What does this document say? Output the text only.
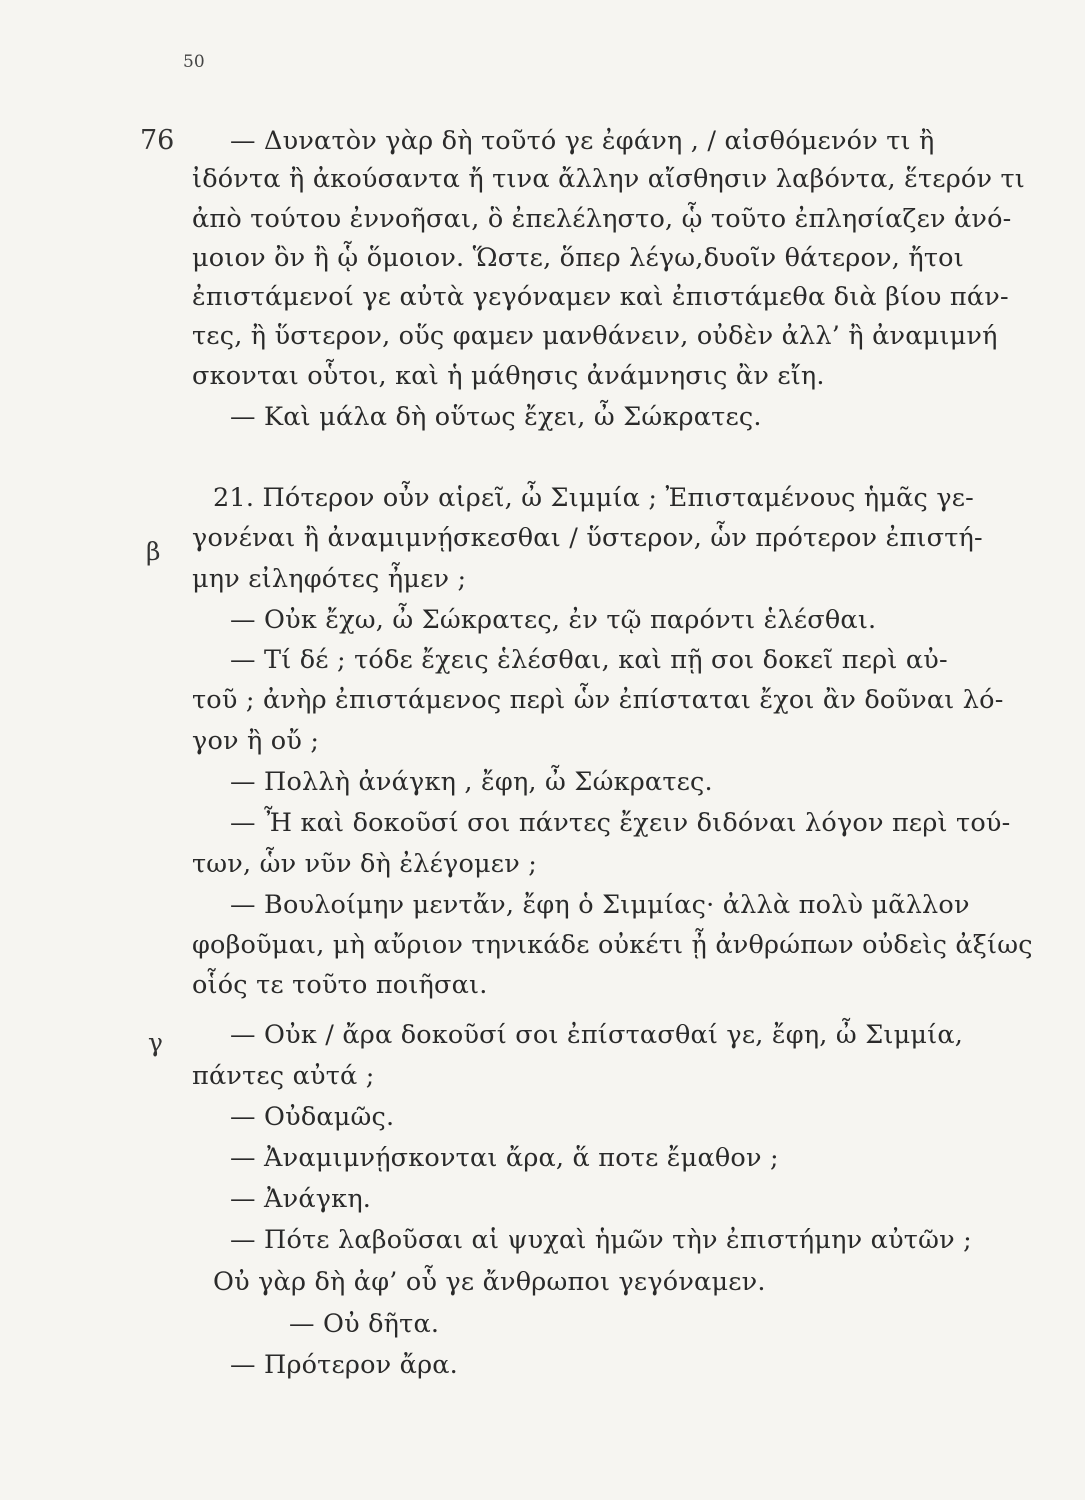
50
76
β
γ
— Δυνατὸν γὰρ δὴ τοῦτό γε ἐφάνη , / αἰσθόμενόν τι ἢ
ἰδόντα ἢ ἀκούσαντα ἤ τινα ἄλλην αἴσθησιν λαβόντα, ἕτερόν τι
ἀπὸ τούτου ἐννοῆσαι, ὃ ἐπελέληστο, ᾧ τοῦτο ἐπλησίαζεν ἀνό-
μοιον ὂν ἢ ᾧ ὅμοιον. Ὥστε, ὅπερ λέγω,δυοῖν θάτερον, ἤτοι
ἐπιστάμενοί γε αὐτὰ γεγόναμεν καὶ ἐπιστάμεθα διὰ βίου πάν-
τες, ἢ ὕστερον, οὕς φαμεν μανθάνειν, οὐδὲν ἀλλ’ ἢ ἀναμιμνή
σκονται οὗτοι, καὶ ἡ μάθησις ἀνάμνησις ἂν εἴη.
— Καὶ μάλα δὴ οὕτως ἔχει, ὦ Σώκρατες.
21. Πότερον οὖν αἱρεῖ, ὦ Σιμμία ; Ἐπισταμένους ἡμᾶς γε-
γονέναι ἢ ἀναμιμνῄσκεσθαι / ὕστερον, ὧν πρότερον ἐπιστή-
μην εἰληφότες ἦμεν ;
— Οὐκ ἔχω, ὦ Σώκρατες, ἐν τῷ παρόντι ἑλέσθαι.
— Τί δέ ; τόδε ἔχεις ἑλέσθαι, καὶ πῇ σοι δοκεῖ περὶ αὐ-
τοῦ ; ἀνὴρ ἐπιστάμενος περὶ ὧν ἐπίσταται ἔχοι ἂν δοῦναι λό-
γον ἢ οὔ ;
— Πολλὴ ἀνάγκη , ἔφη, ὦ Σώκρατες.
— Ἦ καὶ δοκοῦσί σοι πάντες ἔχειν διδόναι λόγον περὶ τού-
των, ὧν νῦν δὴ ἐλέγομεν ;
— Βουλοίμην μεντἄν, ἔφη ὁ Σιμμίας· ἀλλὰ πολὺ μᾶλλον
φοβοῦμαι, μὴ αὔριον τηνικάδε οὐκέτι ᾖ ἀνθρώπων οὐδεὶς ἀξίως
οἷός τε τοῦτο ποιῆσαι.
— Οὐκ / ἄρα δοκοῦσί σοι ἐπίστασθαί γε, ἔφη, ὦ Σιμμία,
πάντες αὐτά ;
— Οὐδαμῶς.
— Ἀναμιμνῄσκονται ἄρα, ἅ ποτε ἔμαθον ;
— Ἀνάγκη.
— Πότε λαβοῦσαι αἱ ψυχαὶ ἡμῶν τὴν ἐπιστήμην αὐτῶν ;
Οὐ γὰρ δὴ ἀφ’ οὗ γε ἄνθρωποι γεγόναμεν.
— Οὐ δῆτα.
— Πρότερον ἄρα.
